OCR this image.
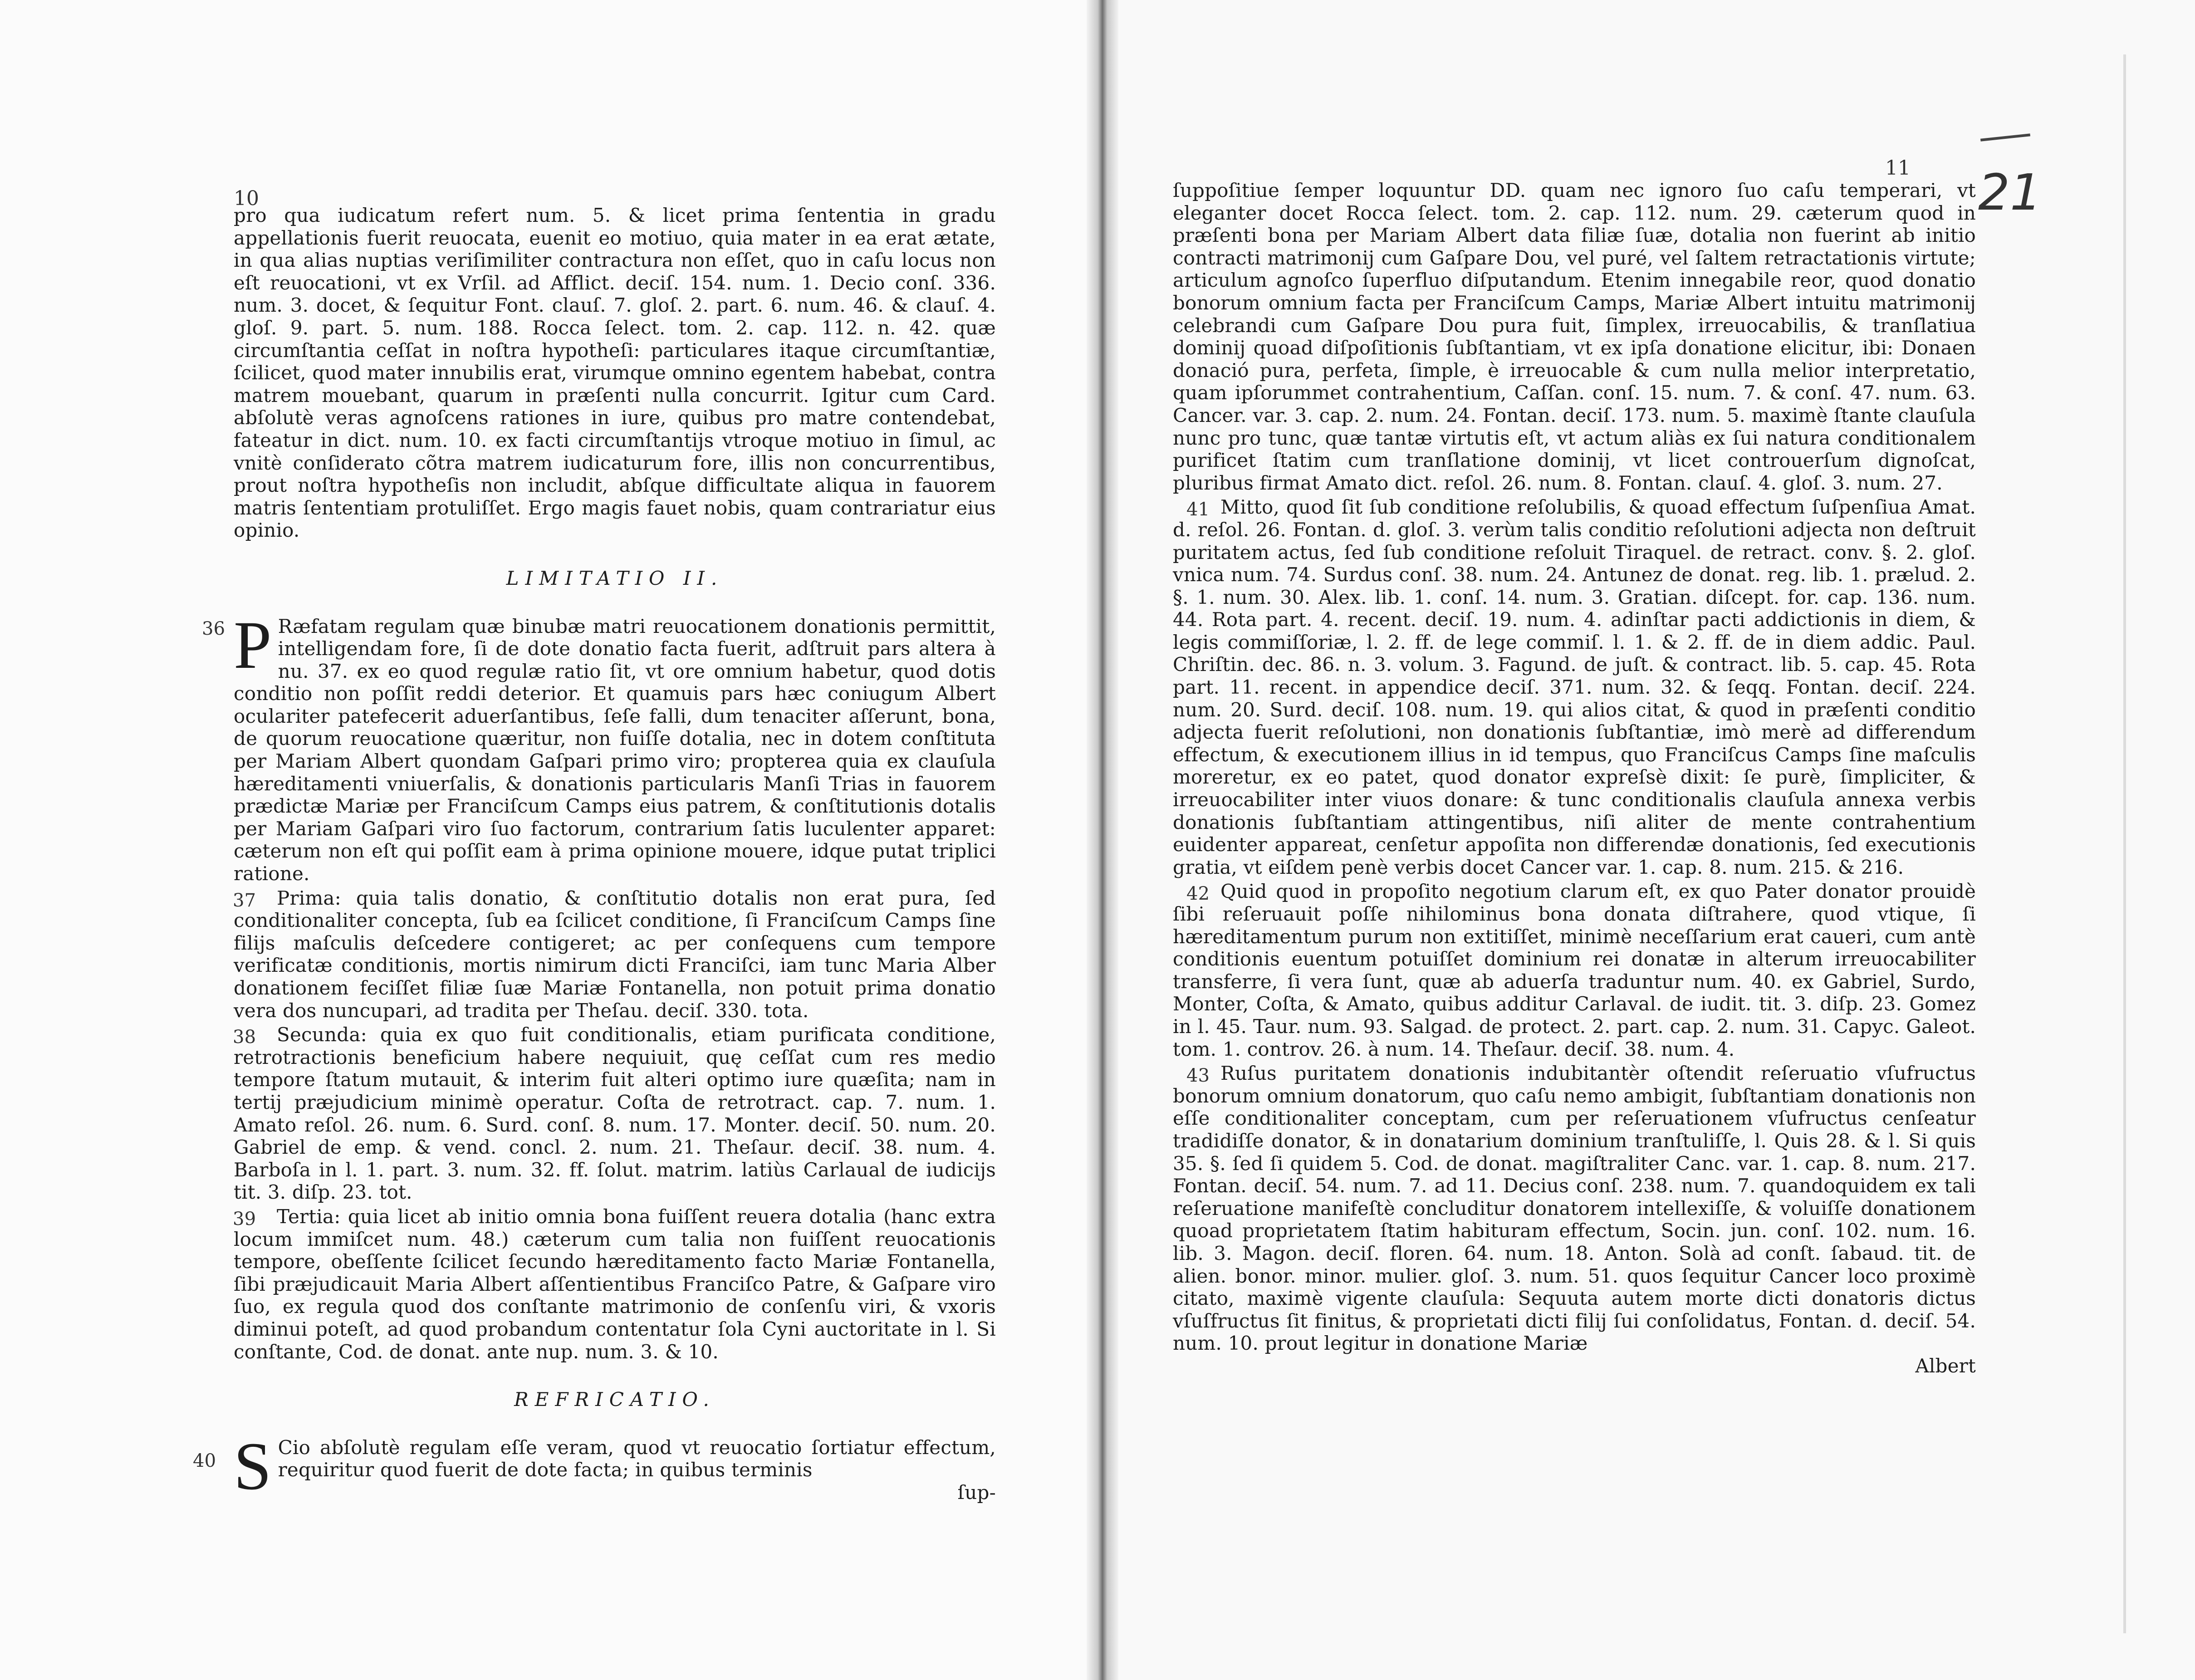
10

pro qua iudicatum refert num. 5. & licet prima ſententia in gradu appellationis fuerit reuocata, euenit eo motiuo, quia mater in ea erat ætate, in qua alias nuptias veriſimiliter contractura non eſſet, quo in caſu locus non eſt reuocationi, vt ex Vrſil. ad Afflict. deciſ. 154. num. 1. Decio conſ. 336. num. 3. docet, & ſequitur Font. clauſ. 7. gloſ. 2. part. 6. num. 46. & clauſ. 4. gloſ. 9. part. 5. num. 188. Rocca ſelect. tom. 2. cap. 112. n. 42. quæ circumſtantia ceſſat in noſtra hypotheſi: particulares itaque circumſtantiæ, ſcilicet, quod mater innubilis erat, virumque omnino egentem habebat, contra matrem mouebant, quarum in præſenti nulla concurrit. Igitur cum Card. abſolutè veras agnoſcens rationes in iure, quibus pro matre contendebat, fateatur in dict. num. 10. ex facti circumſtantijs vtroque motiuo in ſimul, ac vnitè conſiderato cõtra matrem iudicaturum fore, illis non concurrentibus, prout noſtra hypotheſis non includit, abſque difficultate aliqua in fauorem matris ſententiam protuliſſet. Ergo magis fauet nobis, quam contrariatur eius opinio.

LIMITATIO II.

36 P Ræfatam regulam quæ binubæ matri reuocationem donationis permittit, intelligendam fore, ſi de dote donatio facta fuerit, adſtruit pars altera à nu. 37. ex eo quod regulæ ratio ſit, vt ore omnium habetur, quod dotis conditio non poſſit reddi deterior. Et quamuis pars hæc coniugum Albert oculariter patefecerit aduerſantibus, ſeſe falli, dum tenaciter aſſerunt, bona, de quorum reuocatione quæritur, non fuiſſe dotalia, nec in dotem conſtituta per Mariam Albert quondam Gaſpari primo viro; propterea quia ex clauſula hæreditamenti vniuerſalis, & donationis particularis Manſi Trias in fauorem prædictæ Mariæ per Franciſcum Camps eius patrem, & conſtitutionis dotalis per Mariam Gaſpari viro ſuo factorum, contrarium ſatis luculenter apparet: cæterum non eſt qui poſſit eam à prima opinione mouere, idque putat triplici ratione.

37 Prima: quia talis donatio, & conſtitutio dotalis non erat pura, ſed conditionaliter concepta, ſub ea ſcilicet conditione, ſi Franciſcum Camps ſine filijs maſculis deſcedere contigeret; ac per conſequens cum tempore verificatæ conditionis, mortis nimirum dicti Franciſci, iam tunc Maria Alber donationem feciſſet filiæ ſuæ Mariæ Fontanella, non potuit prima donatio vera dos nuncupari, ad tradita per Theſau. deciſ. 330. tota.

38 Secunda: quia ex quo fuit conditionalis, etiam purificata conditione, retrotractionis beneficium habere nequiuit, quę ceſſat cum res medio tempore ſtatum mutauit, & interim fuit alteri optimo iure quæſita; nam in tertij præjudicium minimè operatur. Coſta de retrotract. cap. 7. num. 1. Amato reſol. 26. num. 6. Surd. conſ. 8. num. 17. Monter. deciſ. 50. num. 20. Gabriel de emp. & vend. concl. 2. num. 21. Theſaur. deciſ. 38. num. 4. Barboſa in l. 1. part. 3. num. 32. ff. ſolut. matrim. latiùs Carlaual de iudicijs tit. 3. diſp. 23. tot.

39 Tertia: quia licet ab initio omnia bona fuiſſent reuera dotalia (hanc extra locum immiſcet num. 48.) cæterum cum talia non fuiſſent reuocationis tempore, obeſſente ſcilicet ſecundo hæreditamento facto Mariæ Fontanella, ſibi præjudicauit Maria Albert aſſentientibus Franciſco Patre, & Gaſpare viro ſuo, ex regula quod dos conſtante matrimonio de conſenſu viri, & vxoris diminui poteſt, ad quod probandum contentatur ſola Cyni auctoritate in l. Si conſtante, Cod. de donat. ante nup. num. 3. & 10.

REFRICATIO.

40 S Cio abſolutè regulam eſſe veram, quod vt reuocatio ſortiatur effectum, requiritur quod fuerit de dote facta; in quibus terminis

ſup-
11 21

ſuppoſitiue ſemper loquuntur DD. quam nec ignoro ſuo caſu temperari, vt eleganter docet Rocca ſelect. tom. 2. cap. 112. num. 29. cæterum quod in præſenti bona per Mariam Albert data filiæ ſuæ, dotalia non fuerint ab initio contracti matrimonij cum Gaſpare Dou, vel puré, vel ſaltem retractationis virtute; articulum agnoſco ſuperfluo diſputandum. Etenim innegabile reor, quod donatio bonorum omnium facta per Franciſcum Camps, Mariæ Albert intuitu matrimonij celebrandi cum Gaſpare Dou pura fuit, ſimplex, irreuocabilis, & tranſlatiua dominij quoad diſpoſitionis ſubſtantiam, vt ex ipſa donatione elicitur, ibi: Donaen donació pura, perfeta, ſimple, è irreuocable & cum nulla melior interpretatio, quam ipſorummet contrahentium, Caſſan. conſ. 15. num. 7. & conſ. 47. num. 63. Cancer. var. 3. cap. 2. num. 24. Fontan. deciſ. 173. num. 5. maximè ſtante clauſula nunc pro tunc, quæ tantæ virtutis eſt, vt actum aliàs ex ſui natura conditionalem purificet ſtatim cum tranſlatione dominij, vt licet controuerſum dignoſcat, pluribus firmat Amato dict. reſol. 26. num. 8. Fontan. clauſ. 4. gloſ. 3. num. 27.

41 Mitto, quod ſit ſub conditione reſolubilis, & quoad effectum ſuſpenſiua Amat. d. reſol. 26. Fontan. d. gloſ. 3. verùm talis conditio reſolutioni adjecta non deſtruit puritatem actus, ſed ſub conditione reſoluit Tiraquel. de retract. conv. §. 2. gloſ. vnica num. 74. Surdus conſ. 38. num. 24. Antunez de donat. reg. lib. 1. prælud. 2. §. 1. num. 30. Alex. lib. 1. conſ. 14. num. 3. Gratian. diſcept. for. cap. 136. num. 44. Rota part. 4. recent. deciſ. 19. num. 4. adinſtar pacti addictionis in diem, & legis commiſſoriæ, l. 2. ff. de lege commiſ. l. 1. & 2. ff. de in diem addic. Paul. Chriſtin. dec. 86. n. 3. volum. 3. Fagund. de juſt. & contract. lib. 5. cap. 45. Rota part. 11. recent. in appendice deciſ. 371. num. 32. & ſeqq. Fontan. deciſ. 224. num. 20. Surd. deciſ. 108. num. 19. qui alios citat, & quod in præſenti conditio adjecta fuerit reſolutioni, non donationis ſubſtantiæ, imò merè ad differendum effectum, & executionem illius in id tempus, quo Franciſcus Camps ſine maſculis moreretur, ex eo patet, quod donator expreſsè dixit: ſe purè, ſimpliciter, & irreuocabiliter inter viuos donare: & tunc conditionalis clauſula annexa verbis donationis ſubſtantiam attingentibus, niſi aliter de mente contrahentium euidenter appareat, cenſetur appoſita non differendæ donationis, ſed executionis gratia, vt eiſdem penè verbis docet Cancer var. 1. cap. 8. num. 215. & 216.

42 Quid quod in propoſito negotium clarum eſt, ex quo Pater donator prouidè ſibi reſeruauit poſſe nihilominus bona donata diſtrahere, quod vtique, ſi hæreditamentum purum non extitiſſet, minimè neceſſarium erat caueri, cum antè conditionis euentum potuiſſet dominium rei donatæ in alterum irreuocabiliter transferre, ſi vera ſunt, quæ ab aduerſa traduntur num. 40. ex Gabriel, Surdo, Monter, Coſta, & Amato, quibus additur Carlaval. de iudit. tit. 3. diſp. 23. Gomez in l. 45. Taur. num. 93. Salgad. de protect. 2. part. cap. 2. num. 31. Capyc. Galeot. tom. 1. controv. 26. à num. 14. Theſaur. deciſ. 38. num. 4.

43 Ruſus puritatem donationis indubitantèr oſtendit reſeruatio vſufructus bonorum omnium donatorum, quo caſu nemo ambigit, ſubſtantiam donationis non eſſe conditionaliter conceptam, cum per reſeruationem vſufructus cenſeatur tradidiſſe donator, & in donatarium dominium tranſtuliſſe, l. Quis 28. & l. Si quis 35. §. ſed ſi quidem 5. Cod. de donat. magiſtraliter Canc. var. 1. cap. 8. num. 217. Fontan. deciſ. 54. num. 7. ad 11. Decius conſ. 238. num. 7. quandoquidem ex tali reſeruatione manifeſtè concluditur donatorem intellexiſſe, & voluiſſe donationem quoad proprietatem ſtatim habituram effectum, Socin. jun. conſ. 102. num. 16. lib. 3. Magon. deciſ. floren. 64. num. 18. Anton. Solà ad conſt. ſabaud. tit. de alien. bonor. minor. mulier. gloſ. 3. num. 51. quos ſequitur Cancer loco proximè citato, maximè vigente clauſula: Sequuta autem morte dicti donatoris dictus vſuſfructus ſit finitus, & proprietati dicti filij ſui conſolidatus, Fontan. d. deciſ. 54. num. 10. prout legitur in donatione Mariæ

Albert
